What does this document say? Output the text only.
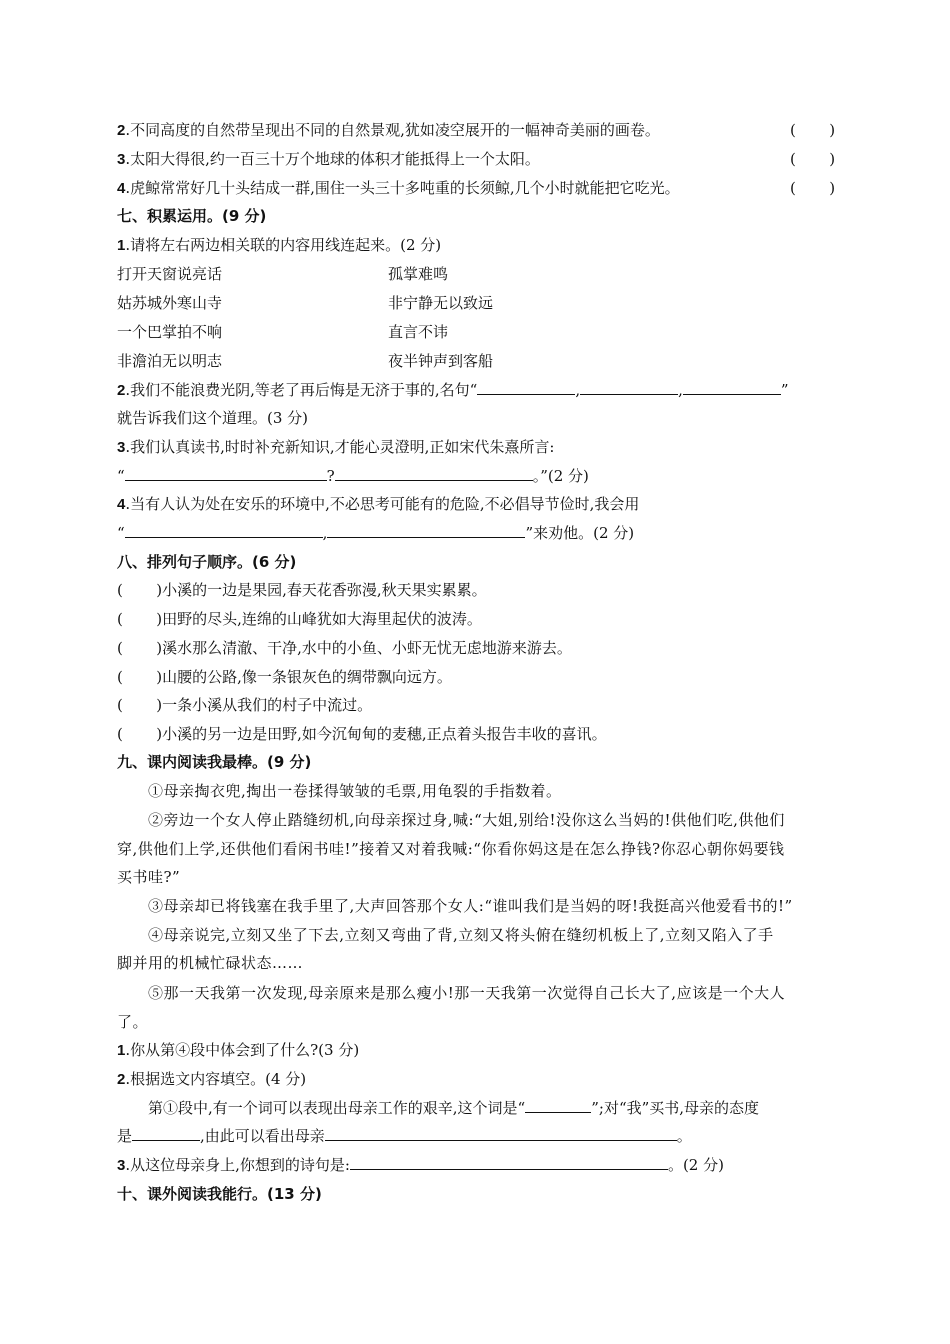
2.不同高度的自然带呈现出不同的自然景观,犹如凌空展开的一幅神奇美丽的画卷。	(       )
3.太阳大得很,约一百三十万个地球的体积才能抵得上一个太阳。	(       )
4.虎鲸常常好几十头结成一群,围住一头三十多吨重的长须鲸,几个小时就能把它吃光。	(       )
七、积累运用。(9 分)
1.请将左右两边相关联的内容用线连起来。(2 分)
打开天窗说亮话	孤掌难鸣
姑苏城外寒山寺	非宁静无以致远
一个巴掌拍不响	直言不讳
非澹泊无以明志	夜半钟声到客船
2.我们不能浪费光阴,等老了再后悔是无济于事的,名句“	,	,	”
就告诉我们这个道理。(3 分)
3.我们认真读书,时时补充新知识,才能心灵澄明,正如宋代朱熹所言:
“	?	。”(2 分)
4.当有人认为处在安乐的环境中,不必思考可能有的危险,不必倡导节俭时,我会用
“	,	”来劝他。(2 分)
八、排列句子顺序。(6 分)
(       )小溪的一边是果园,春天花香弥漫,秋天果实累累。
(       )田野的尽头,连绵的山峰犹如大海里起伏的波涛。
(       )溪水那么清澈、干净,水中的小鱼、小虾无忧无虑地游来游去。
(       )山腰的公路,像一条银灰色的绸带飘向远方。
(       )一条小溪从我们的村子中流过。
(       )小溪的另一边是田野,如今沉甸甸的麦穗,正点着头报告丰收的喜讯。
九、课内阅读我最棒。(9 分)
①母亲掏衣兜,掏出一卷揉得皱皱的毛票,用龟裂的手指数着。
②旁边一个女人停止踏缝纫机,向母亲探过身,喊:“大姐,别给!没你这么当妈的!供他们吃,供他们
穿,供他们上学,还供他们看闲书哇!”接着又对着我喊:“你看你妈这是在怎么挣钱?你忍心朝你妈要钱
买书哇?”
③母亲却已将钱塞在我手里了,大声回答那个女人:“谁叫我们是当妈的呀!我挺高兴他爱看书的!”
④母亲说完,立刻又坐了下去,立刻又弯曲了背,立刻又将头俯在缝纫机板上了,立刻又陷入了手
脚并用的机械忙碌状态……
⑤那一天我第一次发现,母亲原来是那么瘦小!那一天我第一次觉得自己长大了,应该是一个大人
了。
1.你从第④段中体会到了什么?(3 分)
2.根据选文内容填空。(4 分)
第①段中,有一个词可以表现出母亲工作的艰辛,这个词是“	”;对“我”买书,母亲的态度
是	,由此可以看出母亲	。
3.从这位母亲身上,你想到的诗句是:	。(2 分)
十、课外阅读我能行。(13 分)
